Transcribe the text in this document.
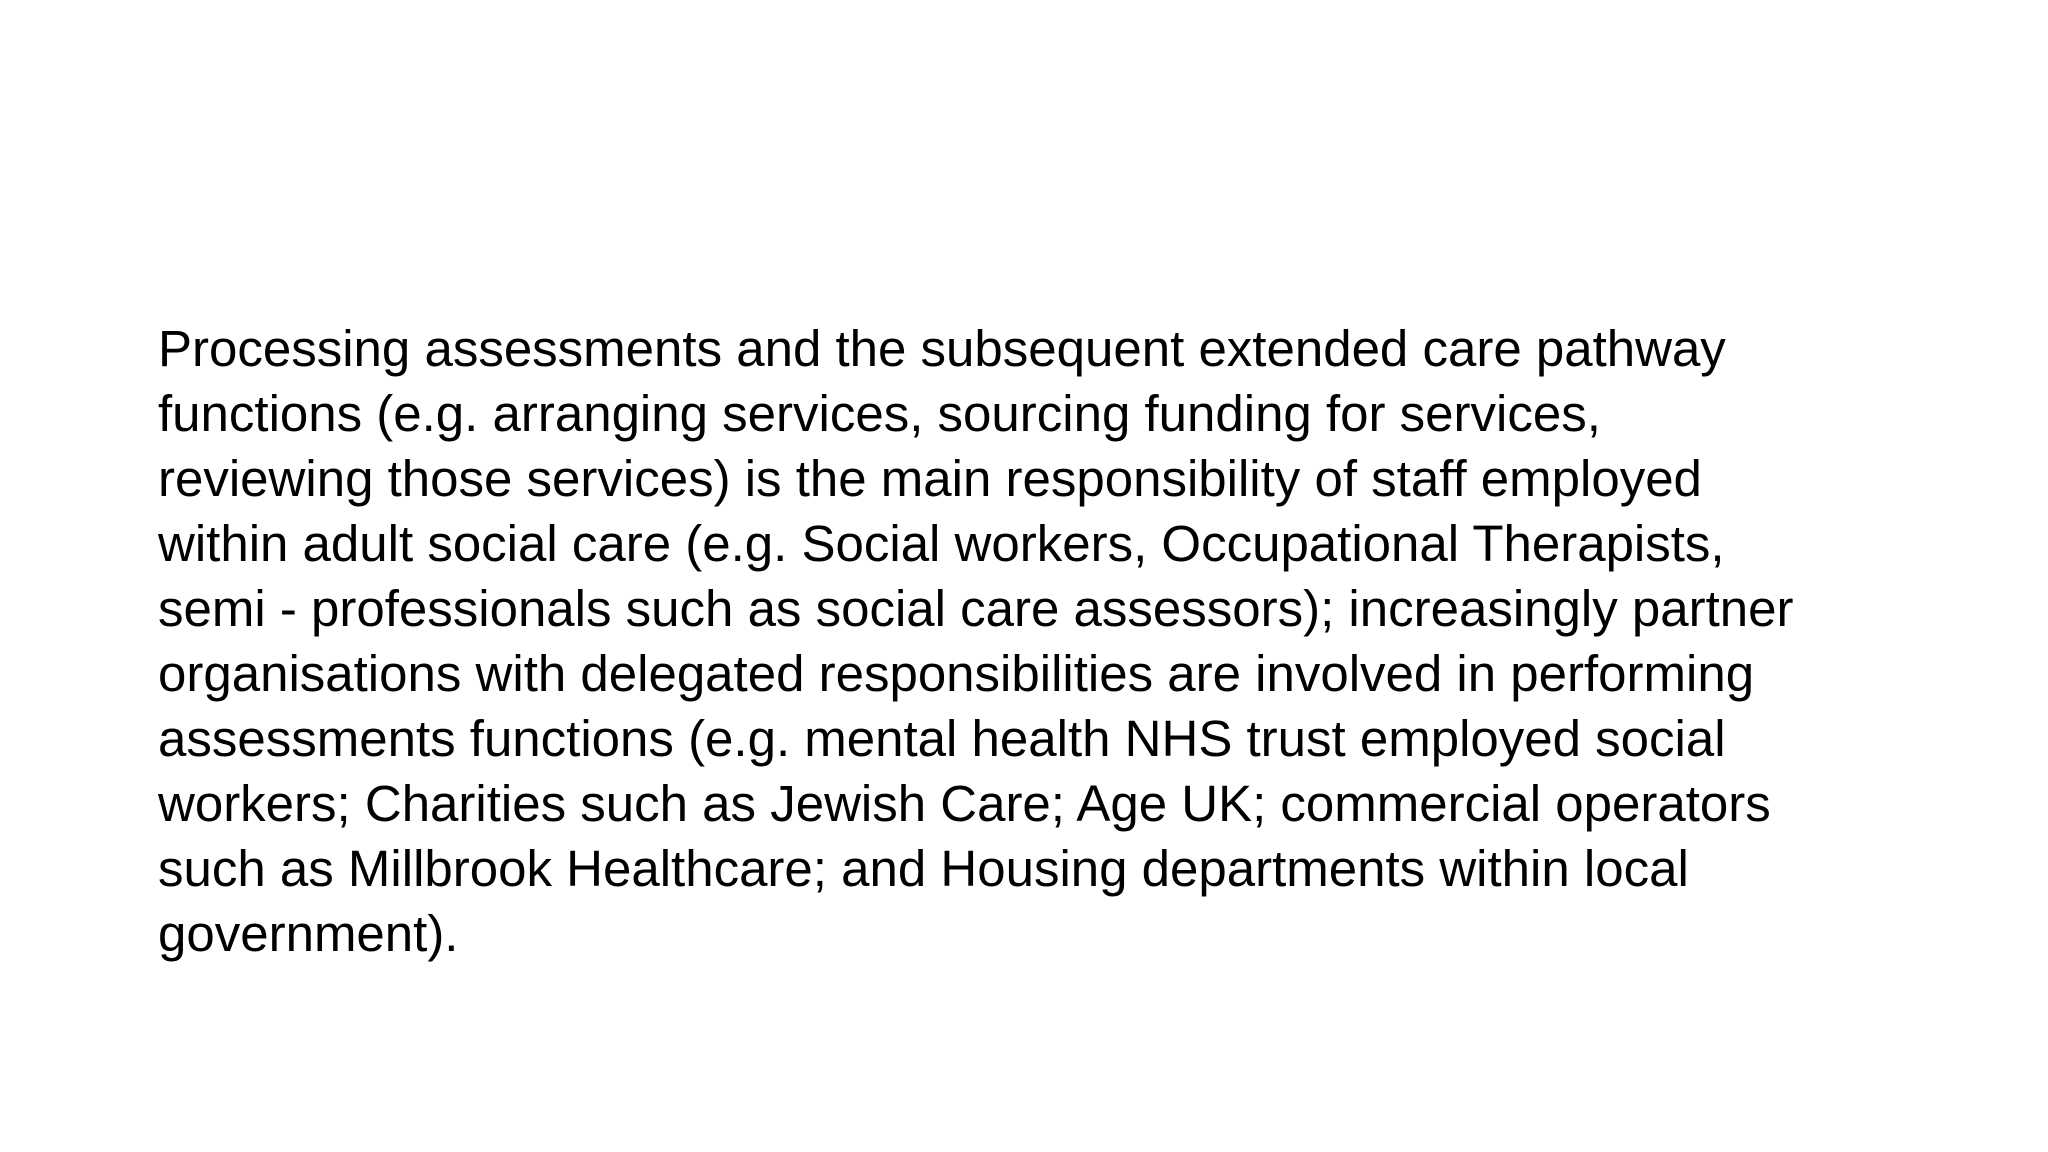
Processing assessments and the subsequent extended care pathway
functions (e.g. arranging services, sourcing funding for services,
reviewing those services) is the main responsibility of staff employed
within adult social care (e.g. Social workers, Occupational Therapists,
semi - professionals such as social care assessors); increasingly partner
organisations with delegated responsibilities are involved in performing
assessments functions (e.g. mental health NHS trust employed social
workers; Charities such as Jewish Care; Age UK; commercial operators
such as Millbrook Healthcare; and Housing departments within local
government).
